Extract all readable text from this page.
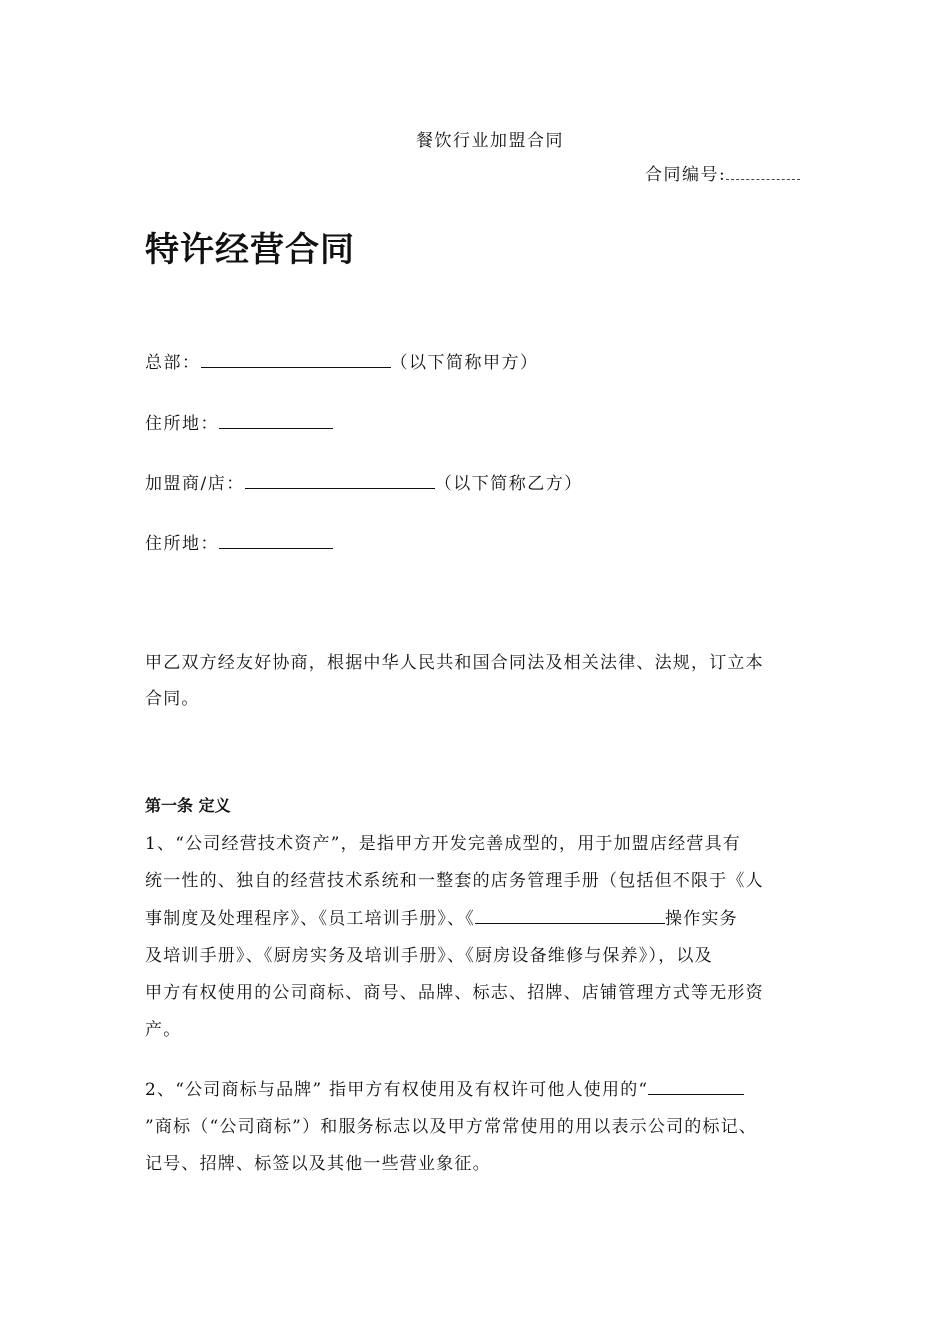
餐饮行业加盟合同
合同编号:
特许经营合同
总部：	（以下简称甲方）
住所地：
加盟商/店：	（以下简称乙方）
住所地：
甲乙双方经友好协商，根据中华人民共和国合同法及相关法律、法规，订立本
合同。
第一条 定义
1、“公司经营技术资产”，是指甲方开发完善成型的，用于加盟店经营具有
统一性的、独自的经营技术系统和一整套的店务管理手册（包括但不限于《人
事制度及处理程序》、《员工培训手册》、《	操作实务
及培训手册》、《厨房实务及培训手册》、《厨房设备维修与保养》），以及
甲方有权使用的公司商标、商号、品牌、标志、招牌、店铺管理方式等无形资
产。
2、“公司商标与品牌” 指甲方有权使用及有权许可他人使用的“
”商标（“公司商标”）和服务标志以及甲方常常使用的用以表示公司的标记、
记号、招牌、标签以及其他一些营业象征。
